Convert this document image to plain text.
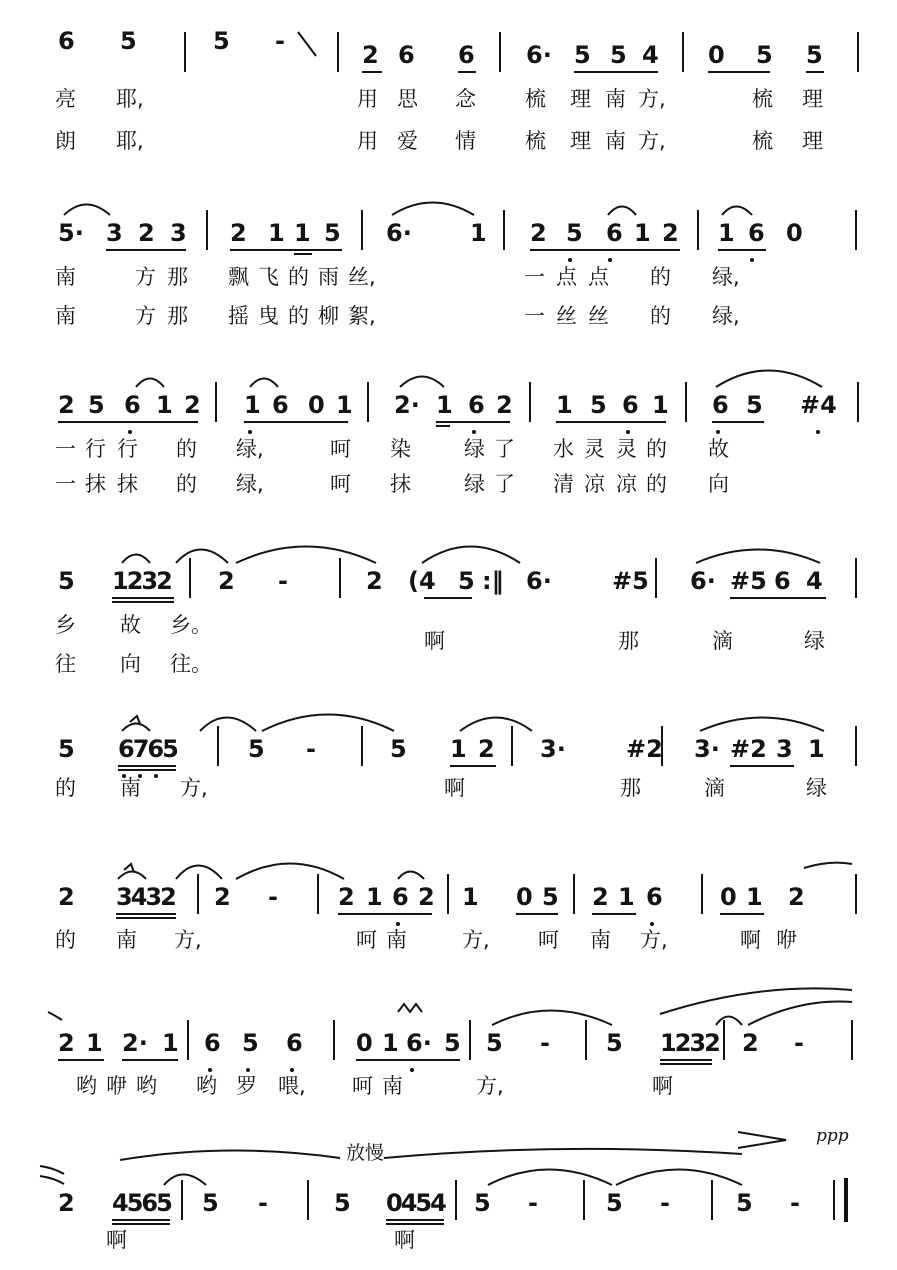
6 5	5 -	2 6 6 6· 5 5 4 0 5 5
亮 耶,	用 思 念 梳 理 南 方,	梳 理
朗 耶,	用 爱 情 梳 理 南 方,	梳 理
5· 3 2 3 2 1 1 5 6· 1 2 5 6 1 2 1 6 0
南	方 那 飘 飞 的 雨 丝,	一 点 点 的 绿,
南	方 那 摇 曳 的 柳 絮,	一 丝 丝 的 绿,
2 5 6 1 2 1 6 0 1 2· 1 6 2 1 5 6 1 6 5 #4
一 行 行 的 绿,	呵 染	绿 了 水 灵 灵 的 故
一 抹 抹 的 绿,	呵 抹	绿 了 清 凉 凉 的 向
5 1232 2 -	2 (4 5 :‖ 6·	#5 6· #5 6 4
乡 故 乡。
啊	那	滴	绿
往 向 往。
5 6765	5 -	5 1 2 3·	#2 3· #2 3 1
的 南 方,	啊	那	滴	绿
2 3432 2 -	2 1 6 2 1 0 5 2 1 6 0 1 2
的 南 方,	呵 南	方, 呵 南 方,	啊 咿
2 1 2· 1 6 5 6 0 1 6· 5 5 - 5 1232 2 -
哟 咿 哟 哟 罗 喂, 呵 南	方,	啊
放慢
ppp
2 4565 5 -	5 0454 5 -	5 -	5 -
啊	啊
